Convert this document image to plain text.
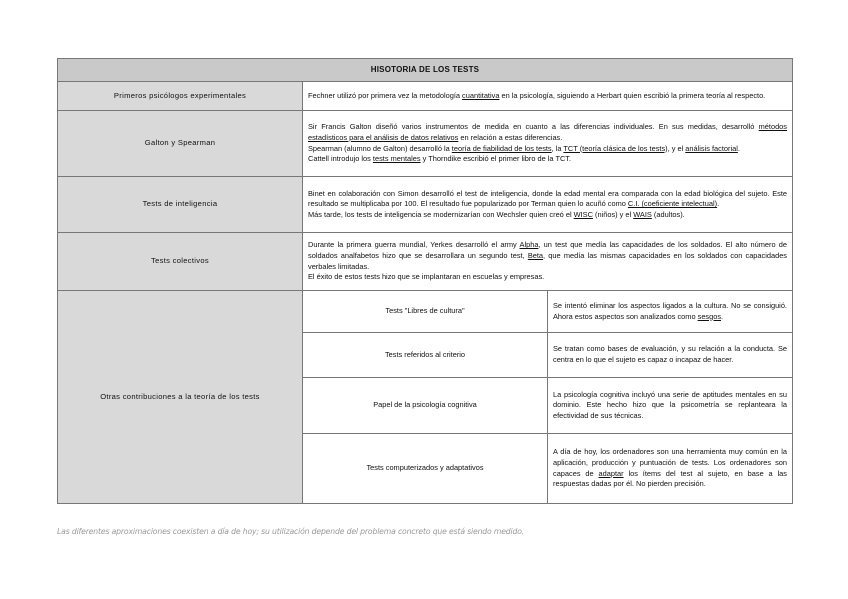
HISOTORIA DE LOS TESTS		
Primeros psicólogos experimentales	Fechner utilizó por primera vez la metodología cuantitativa en la psicología, siguiendo a Herbart quien escribió la primera teoría al respecto.	

Galton y Spearman	Sir Francis Galton diseñó varios instrumentos de medida en cuanto a las diferencias individuales. En sus medidas, desarrolló métodos estadísticos para el análisis de datos relativos en relación a estas diferencias.

Spearman (alumno de Galton) desarrolló la teoría de fiabilidad de los tests, la TCT (teoría clásica de los tests), y el análisis factorial.

Cattell introdujo los tests mentales y Thorndike escribió el primer libro de la TCT.	

Tests de inteligencia	Binet en colaboración con Simon desarrolló el test de inteligencia, donde la edad mental era comparada con la edad biológica del sujeto. Este resultado se multiplicaba por 100. El resultado fue popularizado por Terman quien lo acuñó como C.I. (coeficiente intelectual).

Más tarde, los tests de inteligencia se modernizarían con Wechsler quien creó el WISC (niños) y el WAIS (adultos).	

Tests colectivos	Durante la primera guerra mundial, Yerkes desarrolló el army Alpha, un test que medía las capacidades de los soldados. El alto número de soldados analfabetos hizo que se desarrollara un segundo test, Beta, que medía las mismas capacidades en los soldados con capacidades verbales limitadas.

El éxito de estos tests hizo que se implantaran en escuelas y empresas.	

Otras contribuciones a la teoría de los tests	Tests "Libres de cultura"	Se intentó eliminar los aspectos ligados a la cultura. No se consiguió. Ahora estos aspectos son analizados como sesgos.
	Tests referidos al criterio	Se tratan como bases de evaluación, y su relación a la conducta. Se centra en lo que el sujeto es capaz o incapaz de hacer.
	Papel de la psicología cognitiva	La psicología cognitiva incluyó una serie de aptitudes mentales en su dominio. Este hecho hizo que la psicometría se replanteara la efectividad de sus técnicas.
	Tests computerizados y adaptativos	A día de hoy, los ordenadores son una herramienta muy común en la aplicación, producción y puntuación de tests. Los ordenadores son capaces de adaptar los ítems del test al sujeto, en base a las respuestas dadas por él. No pierden precisión.
Las diferentes aproximaciones coexisten a día de hoy; su utilización depende del problema concreto que está siendo medido.
